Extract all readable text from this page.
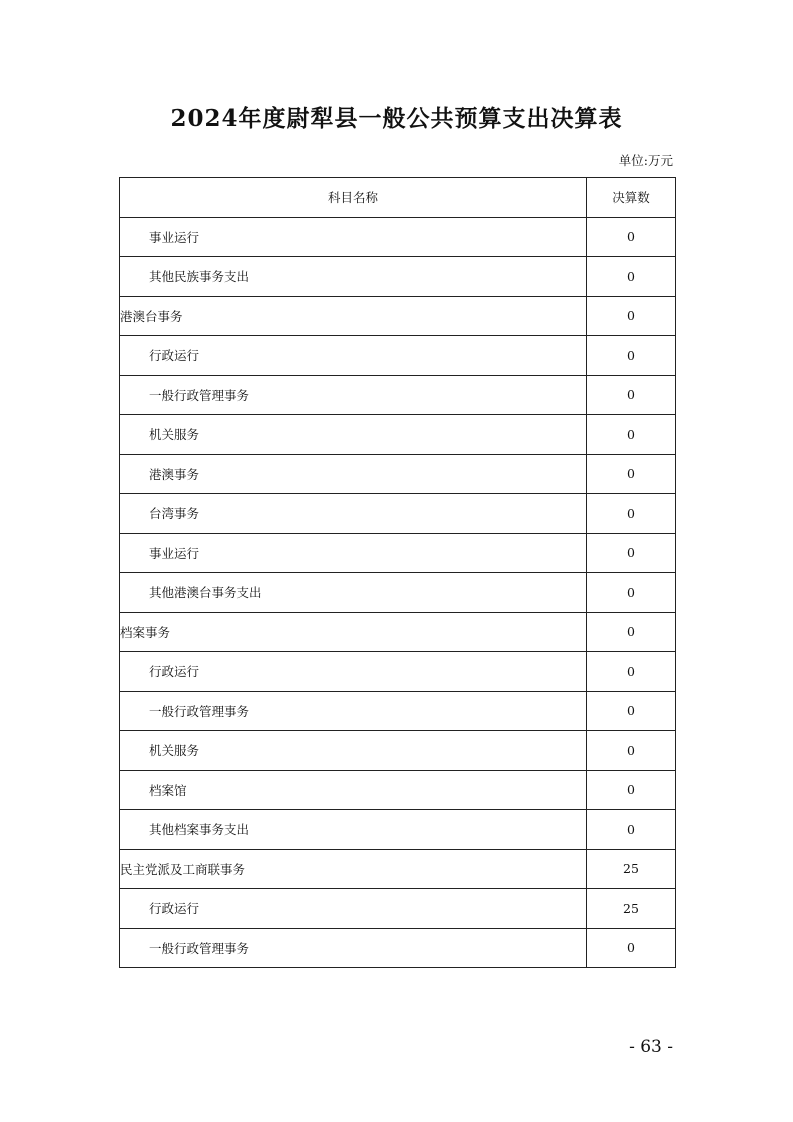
2024年度尉犁县一般公共预算支出决算表
单位:万元
科目名称	决算数
事业运行	0
其他民族事务支出	0
港澳台事务	0
行政运行	0
一般行政管理事务	0
机关服务	0
港澳事务	0
台湾事务	0
事业运行	0
其他港澳台事务支出	0
档案事务	0
行政运行	0
一般行政管理事务	0
机关服务	0
档案馆	0
其他档案事务支出	0
民主党派及工商联事务	25
行政运行	25
一般行政管理事务	0
- 63 -
